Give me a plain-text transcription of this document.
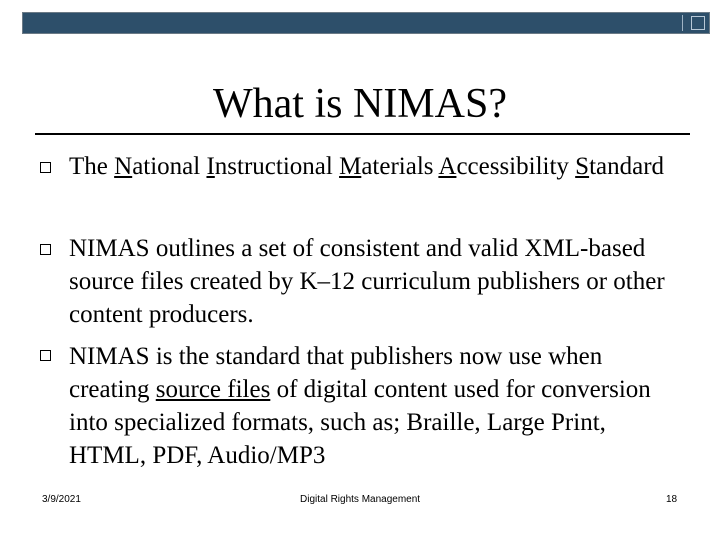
What is NIMAS?
The National Instructional Materials Accessibility Standard
NIMAS outlines a set of consistent and valid XML-based source files created by K–12 curriculum publishers or other content producers.
NIMAS is the standard that publishers now use when creating source files of digital content used for conversion into specialized formats, such as; Braille, Large Print, HTML, PDF, Audio/MP3
3/9/2021	Digital Rights Management	18
